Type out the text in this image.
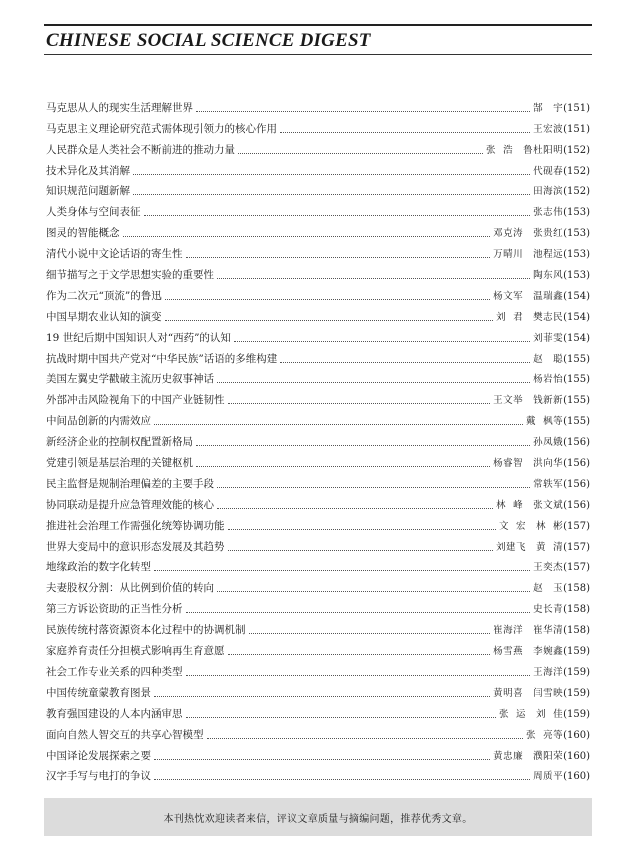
CHINESE SOCIAL SCIENCE DIGEST
马克思从人的现实生活理解世界	郜 宇 (151)
马克思主义理论研究范式需体现引领力的核心作用	王宏波 (151)
人民群众是人类社会不断前进的推动力量	张  浩 鲁杜阳明 (152)
技术异化及其消解	代砚春 (152)
知识规范问题新解	田海滨 (152)
人类身体与空间表征	张志伟 (153)
图灵的智能概念	邓克涛 张贵红 (153)
清代小说中文论话语的寄生性	万晴川 池程远 (153)
细节描写之于文学思想实验的重要性	陶东风 (153)
作为二次元“顶流”的鲁迅	杨文军 温瑞鑫 (154)
中国早期农业认知的演变	刘  君 樊志民 (154)
19 世纪后期中国知识人对“西药”的认知	刘菲雯 (154)
抗战时期中国共产党对“中华民族”话语的多维构建	赵 聪 (155)
美国左翼史学戳破主流历史叙事神话	杨岩怡 (155)
外部冲击风险视角下的中国产业链韧性	王文举 钱新新 (155)
中间品创新的内需效应	戴  枫等 (155)
新经济企业的控制权配置新格局	孙凤娥 (156)
党建引领是基层治理的关键枢机	杨睿智 洪向华 (156)
民主监督是规制治理偏差的主要手段	常轶军 (156)
协同联动是提升应急管理效能的核心	林  峰 张文斌 (156)
推进社会治理工作需强化统筹协调功能	文  宏 林  彬 (157)
世界大变局中的意识形态发展及其趋势	刘建飞 黄  清 (157)
地缘政治的数字化转型	王奕杰 (157)
夫妻股权分割：从比例到价值的转向	赵 玉 (158)
第三方诉讼资助的正当性分析	史长青 (158)
民族传统村落资源资本化过程中的协调机制	崔海洋 崔华清 (158)
家庭养育责任分担模式影响再生育意愿	杨雪燕 李婉鑫 (159)
社会工作专业关系的四种类型	王海洋 (159)
中国传统童蒙教育图景	黄明喜 闫雪映 (159)
教育强国建设的人本内涵审思	张  运 刘  佳 (159)
面向自然人智交互的共享心智模型	张  亮等 (160)
中国译论发展探索之要	黄忠廉 濮阳荣 (160)
汉字手写与电打的争议	周质平 (160)
本刊热忱欢迎读者来信，评议文章质量与摘编问题，推荐优秀文章。
